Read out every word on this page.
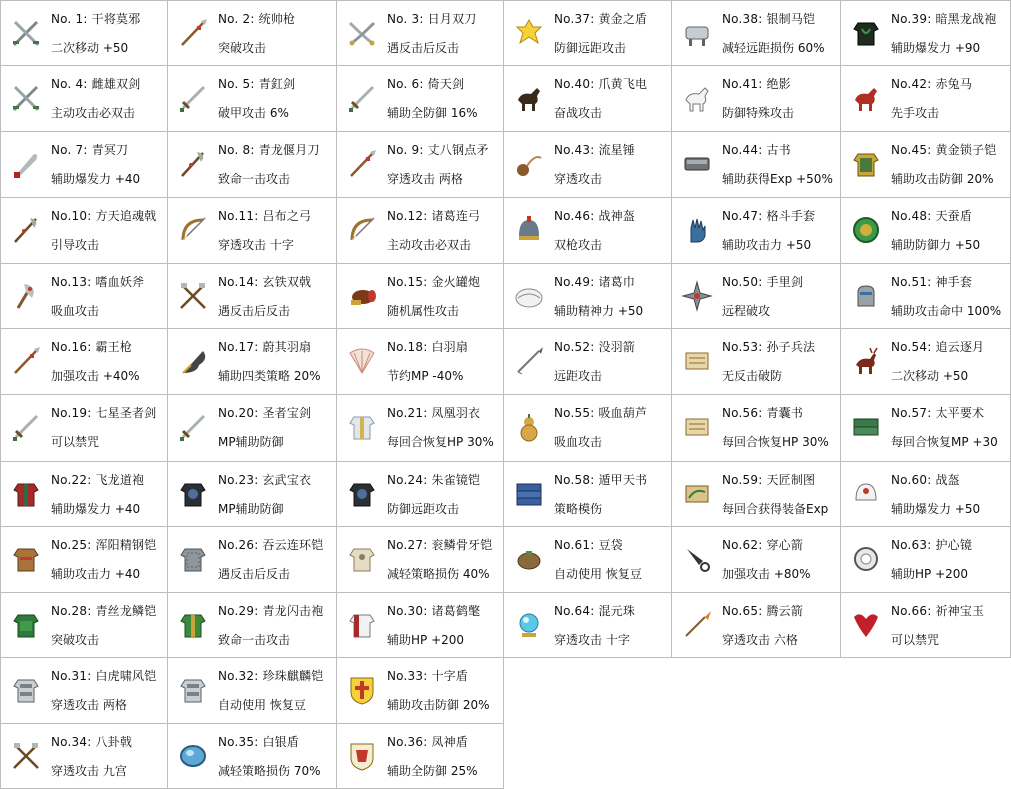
No. 1: 干将莫邪
二次移动 +50
No. 2: 统帅枪
突破攻击
No. 3: 日月双刀
遇反击后反击
No. 4: 雌雄双剑
主动攻击必双击
No. 5: 青釭剑
破甲攻击 6%
No. 6: 倚天剑
辅助全防御 16%
No. 7: 青冥刀
辅助爆发力 +40
No. 8: 青龙偃月刀
致命一击攻击
No. 9: 丈八钢点矛
穿透攻击 两格
No.10: 方天追魂戟
引导攻击
No.11: 吕布之弓
穿透攻击 十字
No.12: 诸葛连弓
主动攻击必双击
No.13: 嗜血妖斧
吸血攻击
No.14: 玄铁双戟
遇反击后反击
No.15: 金火罐炮
随机属性攻击
No.16: 霸王枪
加强攻击 +40%
No.17: 蔚其羽扇
辅助四类策略 20%
No.18: 白羽扇
节约MP -40%
No.19: 七星圣者剑
可以禁咒
No.20: 圣者宝剑
MP辅助防御
No.21: 凤凰羽衣
每回合恢复HP 30%
No.22: 飞龙道袍
辅助爆发力 +40
No.23: 玄武宝衣
MP辅助防御
No.24: 朱雀镜铠
防御远距攻击
No.25: 浑阳精钢铠
辅助攻击力 +40
No.26: 吞云连环铠
遇反击后反击
No.27: 衮鳞骨牙铠
减轻策略损伤 40%
No.28: 青丝龙鳞铠
突破攻击
No.29: 青龙闪击袍
致命一击攻击
No.30: 诸葛鹤氅
辅助HP +200
No.31: 白虎啸风铠
穿透攻击 两格
No.32: 珍珠麒麟铠
自动使用 恢复豆
No.33: 十字盾
辅助攻击防御 20%
No.34: 八卦戟
穿透攻击 九宫
No.35: 白银盾
减轻策略损伤 70%
No.36: 凤神盾
辅助全防御 25%
No.37: 黄金之盾
防御远距攻击
No.38: 银制马铠
减轻远距损伤 60%
No.39: 暗黑龙战袍
辅助爆发力 +90
No.40: 爪黄飞电
奋战攻击
No.41: 绝影
防御特殊攻击
No.42: 赤兔马
先手攻击
No.43: 流星锤
穿透攻击
No.44: 古书
辅助获得Exp +50%
No.45: 黄金锁子铠
辅助攻击防御 20%
No.46: 战神盔
双枪攻击
No.47: 格斗手套
辅助攻击力 +50
No.48: 天蚕盾
辅助防御力 +50
No.49: 诸葛巾
辅助精神力 +50
No.50: 手里剑
远程破攻
No.51: 神手套
辅助攻击命中 100%
No.52: 没羽箭
远距攻击
No.53: 孙子兵法
无反击破防
No.54: 追云逐月
二次移动 +50
No.55: 吸血葫芦
吸血攻击
No.56: 青囊书
每回合恢复HP 30%
No.57: 太平要术
每回合恢复MP +30
No.58: 遁甲天书
策略模伤
No.59: 天匠制图
每回合获得装备Exp
No.60: 战盔
辅助爆发力 +50
No.61: 豆袋
自动使用 恢复豆
No.62: 穿心箭
加强攻击 +80%
No.63: 护心镜
辅助HP +200
No.64: 混元珠
穿透攻击 十字
No.65: 腾云箭
穿透攻击 六格
No.66: 祈神宝玉
可以禁咒
